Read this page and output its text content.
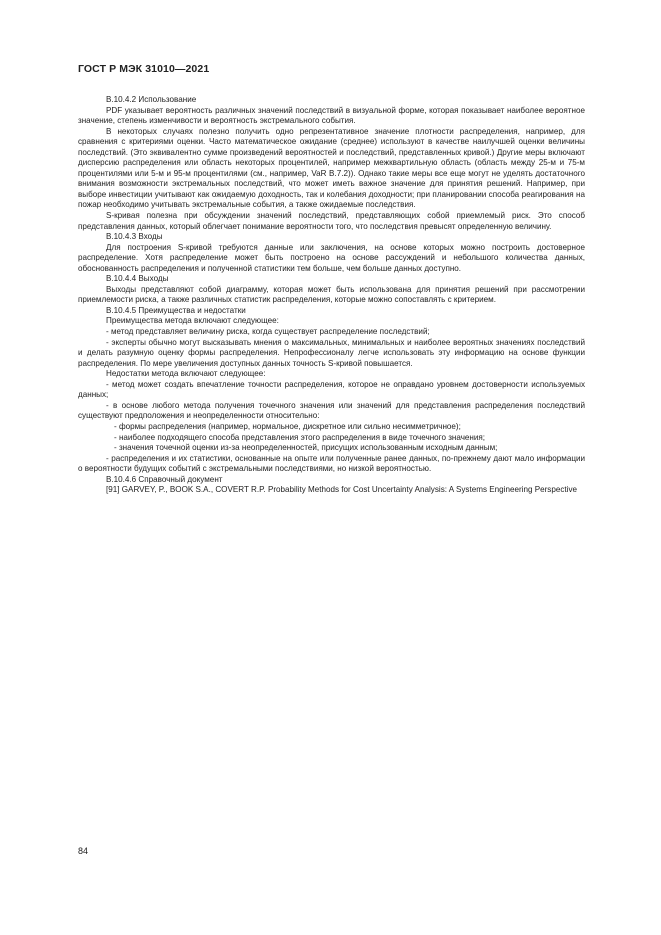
ГОСТ Р МЭК 31010—2021

B.10.4.2 Использование

PDF указывает вероятность различных значений последствий в визуальной форме, которая показывает наиболее вероятное значение, степень изменчивости и вероятность экстремального события.

В некоторых случаях полезно получить одно репрезентативное значение плотности распределения, например, для сравнения с критериями оценки. Часто математическое ожидание (среднее) используют в качестве наилучшей оценки величины последствий. (Это эквивалентно сумме произведений вероятностей и последствий, представленных кривой.) Другие меры включают дисперсию распределения или область некоторых процентилей, например межквартильную область (область между 25-м и 75-м процентилями или 5-м и 95-м процентилями (см., например, VaR B.7.2)). Однако такие меры все еще могут не уделять достаточного внимания возможности экстремальных последствий, что может иметь важное значение для принятия решений. Например, при выборе инвестиции учитывают как ожидаемую доходность, так и колебания доходности; при планировании способа реагирования на пожар необходимо учитывать экстремальные события, а также ожидаемые последствия.

S-кривая полезна при обсуждении значений последствий, представляющих собой приемлемый риск. Это способ представления данных, который облегчает понимание вероятности того, что последствия превысят определенную величину.

B.10.4.3 Входы

Для построения S-кривой требуются данные или заключения, на основе которых можно построить достоверное распределение. Хотя распределение может быть построено на основе рассуждений и небольшого количества данных, обоснованность распределения и полученной статистики тем больше, чем больше данных доступно.

B.10.4.4 Выходы

Выходы представляют собой диаграмму, которая может быть использована для принятия решений при рассмотрении приемлемости риска, а также различных статистик распределения, которые можно сопоставлять с критерием.

B.10.4.5 Преимущества и недостатки

Преимущества метода включают следующее:

- метод представляет величину риска, когда существует распределение последствий;

- эксперты обычно могут высказывать мнения о максимальных, минимальных и наиболее вероятных значениях последствий и делать разумную оценку формы распределения. Непрофессионалу легче использовать эту информацию на основе функции распределения. По мере увеличения доступных данных точность S-кривой повышается.

Недостатки метода включают следующее:

- метод может создать впечатление точности распределения, которое не оправдано уровнем достоверности используемых данных;

- в основе любого метода получения точечного значения или значений для представления распределения последствий существуют предположения и неопределенности относительно:

- формы распределения (например, нормальное, дискретное или сильно несимметричное);

- наиболее подходящего способа представления этого распределения в виде точечного значения;

- значения точечной оценки из-за неопределенностей, присущих использованным исходным данным;

- распределения и их статистики, основанные на опыте или полученные ранее данных, по-прежнему дают мало информации о вероятности будущих событий с экстремальными последствиями, но низкой вероятностью.

B.10.4.6 Справочный документ

[91] GARVEY, P., BOOK S.A., COVERT R.P. Probability Methods for Cost Uncertainty Analysis: A Systems Engineering Perspective

84
